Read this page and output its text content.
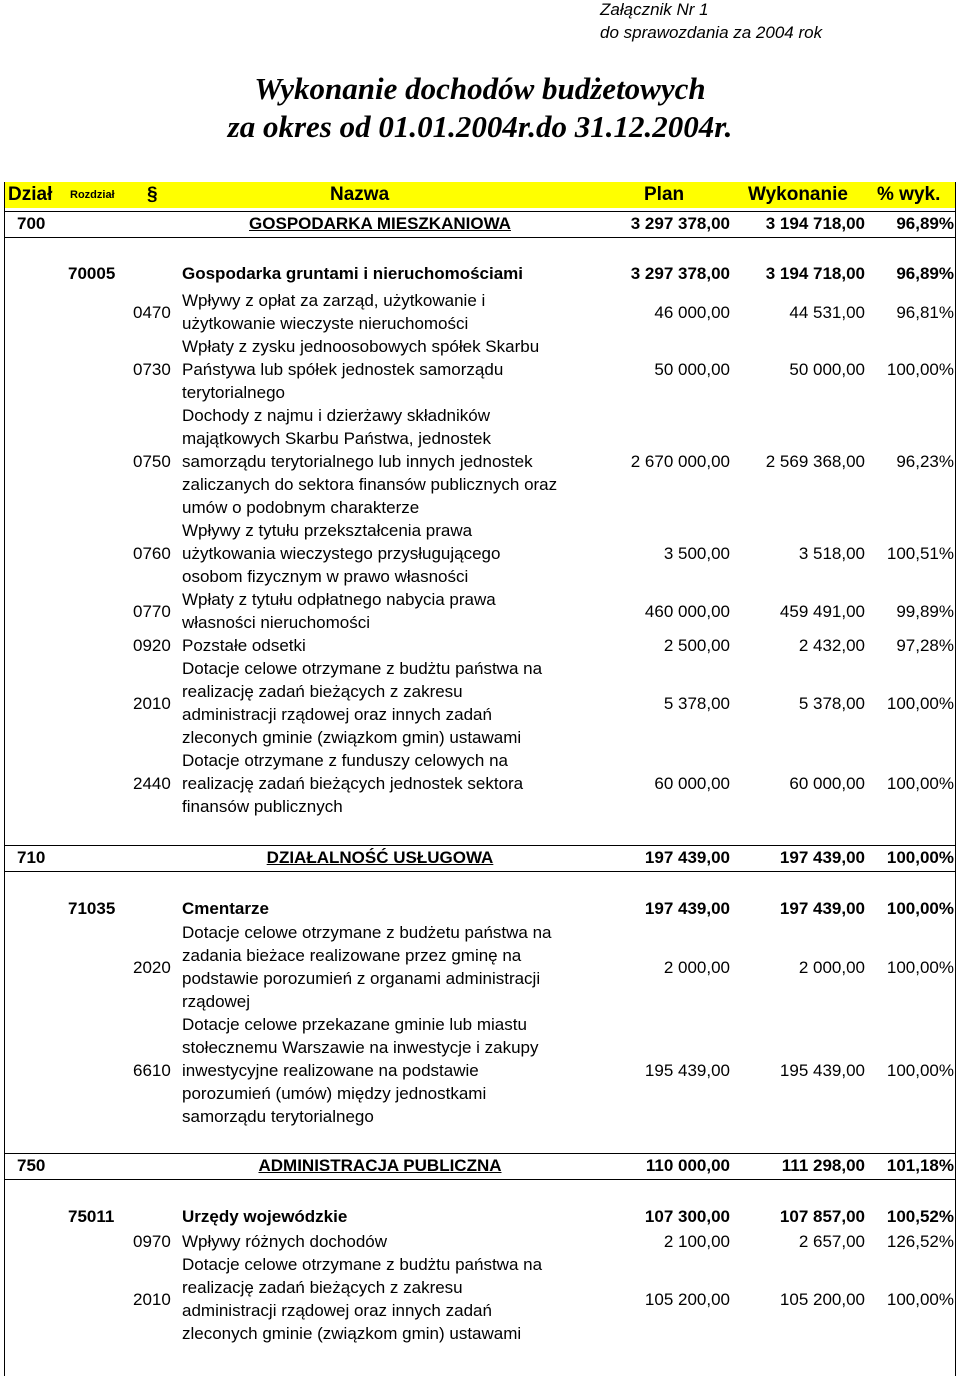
Załącznik Nr 1
do sprawozdania za 2004 rok
Wykonanie dochodów budżetowych
za okres od 01.01.2004r.do 31.12.2004r.
Dział Rozdział §	Nazwa	Plan	Wykonanie % wyk.
700	GOSPODARKA MIESZKANIOWA	3 297 378,00	3 194 718,00	96,89%
70005	Gospodarka gruntami i nieruchomościami	3 297 378,00	3 194 718,00	96,89%
0470
Wpływy z opłat za zarząd, użytkowanie i
użytkowanie wieczyste nieruchomości
46 000,00	44 531,00	96,81%
0730
Wpłaty z zysku jednoosobowych spółek Skarbu
Państywa lub spółek jednostek samorządu
terytorialnego
50 000,00	50 000,00	100,00%
0750
Dochody z najmu i dzierżawy składników
majątkowych Skarbu Państwa, jednostek
samorządu terytorialnego lub innych jednostek
zaliczanych do sektora finansów publicznych oraz
umów o podobnym charakterze
2 670 000,00	2 569 368,00	96,23%
0760
Wpływy z tytułu przekształcenia prawa
użytkowania wieczystego przysługującego
osobom fizycznym w prawo własności
3 500,00	3 518,00	100,51%
0770
Wpłaty z tytułu odpłatnego nabycia prawa
własności nieruchomości
460 000,00	459 491,00	99,89%
0920 Pozstałe odsetki	2 500,00	2 432,00	97,28%
2010
Dotacje celowe otrzymane z budżtu państwa na
realizację zadań bieżących z zakresu
administracji rządowej oraz innych zadań
zleconych gminie (związkom gmin) ustawami
5 378,00	5 378,00	100,00%
2440
Dotacje otrzymane z funduszy celowych na
realizację zadań bieżących jednostek sektora
finansów publicznych
60 000,00	60 000,00	100,00%
710	DZIAŁALNOŚĆ USŁUGOWA	197 439,00	197 439,00	100,00%
71035	Cmentarze	197 439,00	197 439,00	100,00%
2020
Dotacje celowe otrzymane z budżetu państwa na
zadania bieżace realizowane przez gminę na
podstawie porozumień z organami administracji
rządowej
2 000,00	2 000,00	100,00%
6610
Dotacje celowe przekazane gminie lub miastu
stołecznemu Warszawie na inwestycje i zakupy
inwestycyjne realizowane na podstawie
porozumień (umów) między jednostkami
samorządu terytorialnego
195 439,00	195 439,00	100,00%
750	ADMINISTRACJA PUBLICZNA	110 000,00	111 298,00	101,18%
75011	Urzędy wojewódzkie	107 300,00	107 857,00	100,52%
0970 Wpływy różnych dochodów	2 100,00	2 657,00	126,52%
2010
Dotacje celowe otrzymane z budżtu państwa na
realizację zadań bieżących z zakresu
administracji rządowej oraz innych zadań
zleconych gminie (związkom gmin) ustawami
105 200,00	105 200,00	100,00%
